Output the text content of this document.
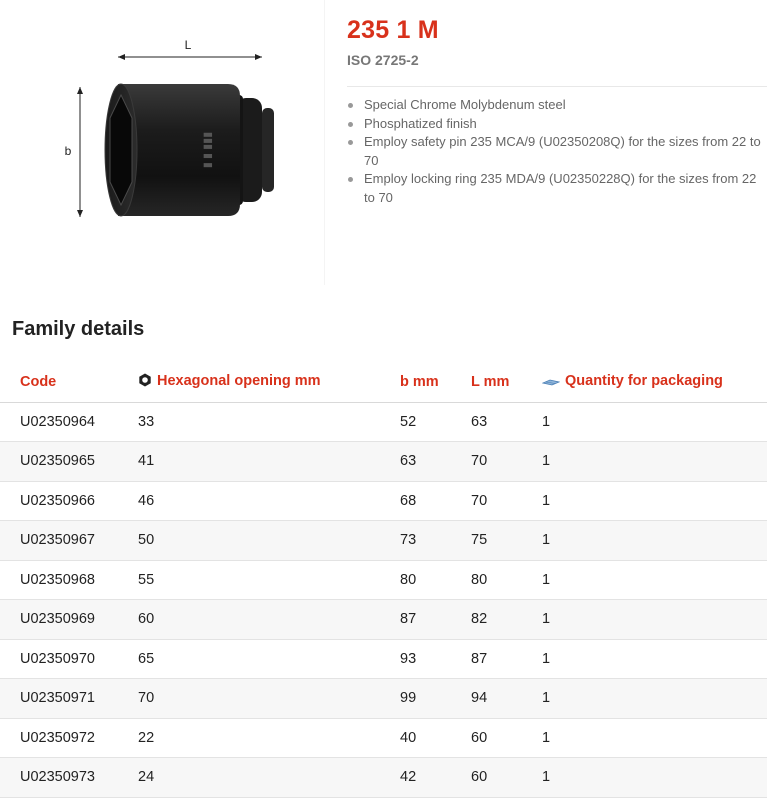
L
b	▮▮▮ ▮ ▮
235 1 M
ISO 2725-2
Special Chrome Molybdenum steel
Phosphatized finish
Employ safety pin 235 MCA/9 (U02350208Q) for the sizes from 22 to 70
Employ locking ring 235 MDA/9 (U02350228Q) for the sizes from 22 to 70
Family details
Code	Hexagonal opening mm	b mm	L mm	Quantity for packaging
U02350964	33	52	63	1
U02350965	41	63	70	1
U02350966	46	68	70	1
U02350967	50	73	75	1
U02350968	55	80	80	1
U02350969	60	87	82	1
U02350970	65	93	87	1
U02350971	70	99	94	1
U02350972	22	40	60	1
U02350973	24	42	60	1
